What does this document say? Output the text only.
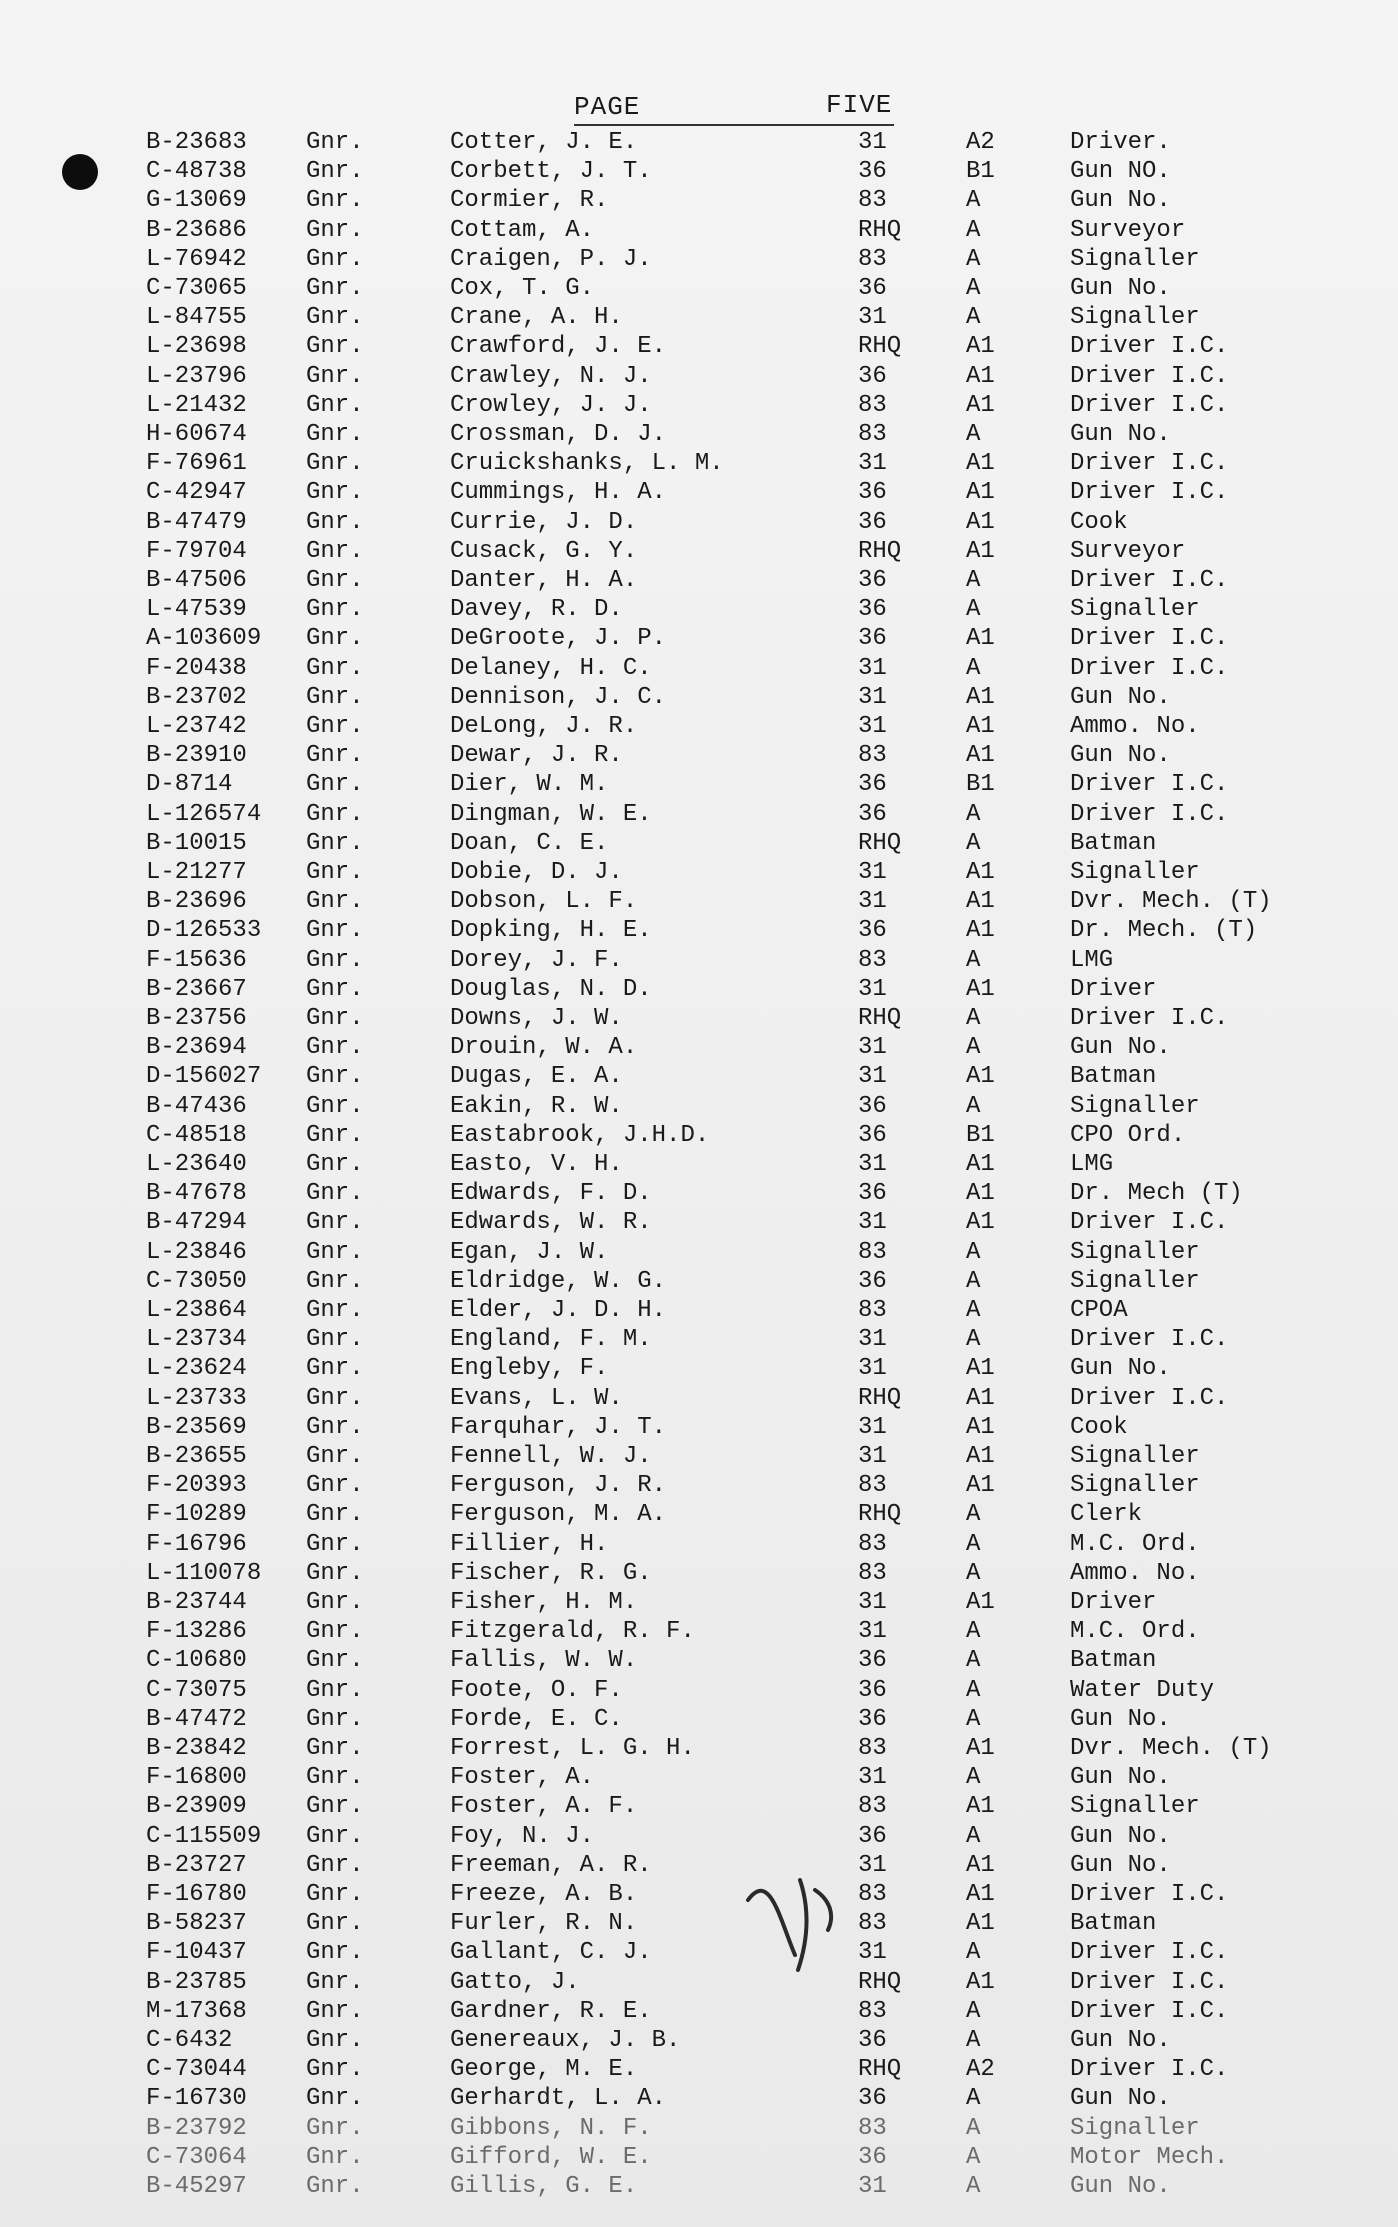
PAGE	FIVE
B-23683 Gnr.	Cotter, J. E.	31	A2	Driver.
C-48738 Gnr.	Corbett, J. T.	36	B1	Gun NO.
G-13069 Gnr.	Cormier, R.	83	A	Gun No.
B-23686 Gnr.	Cottam, A.	RHQ	A	Surveyor
L-76942 Gnr.	Craigen, P. J.	83	A	Signaller
C-73065 Gnr.	Cox, T. G.	36	A	Gun No.
L-84755 Gnr.	Crane, A. H.	31	A	Signaller
L-23698 Gnr.	Crawford, J. E.	RHQ	A1	Driver I.C.
L-23796 Gnr.	Crawley, N. J.	36	A1	Driver I.C.
L-21432 Gnr.	Crowley, J. J.	83	A1	Driver I.C.
H-60674 Gnr.	Crossman, D. J.	83	A	Gun No.
F-76961 Gnr.	Cruickshanks, L. M.	31	A1	Driver I.C.
C-42947 Gnr.	Cummings, H. A.	36	A1	Driver I.C.
B-47479 Gnr.	Currie, J. D.	36	A1	Cook
F-79704 Gnr.	Cusack, G. Y.	RHQ	A1	Surveyor
B-47506 Gnr.	Danter, H. A.	36	A	Driver I.C.
L-47539 Gnr.	Davey, R. D.	36	A	Signaller
A-103609 Gnr.	DeGroote, J. P.	36	A1	Driver I.C.
F-20438 Gnr.	Delaney, H. C.	31	A	Driver I.C.
B-23702 Gnr.	Dennison, J. C.	31	A1	Gun No.
L-23742 Gnr.	DeLong, J. R.	31	A1	Ammo. No.
B-23910 Gnr.	Dewar, J. R.	83	A1	Gun No.
D-8714	Gnr.	Dier, W. M.	36	B1	Driver I.C.
L-126574 Gnr.	Dingman, W. E.	36	A	Driver I.C.
B-10015 Gnr.	Doan, C. E.	RHQ	A	Batman
L-21277 Gnr.	Dobie, D. J.	31	A1	Signaller
B-23696 Gnr.	Dobson, L. F.	31	A1	Dvr. Mech. (T)
D-126533 Gnr.	Dopking, H. E.	36	A1	Dr. Mech. (T)
F-15636 Gnr.	Dorey, J. F.	83	A	LMG
B-23667 Gnr.	Douglas, N. D.	31	A1	Driver
B-23756 Gnr.	Downs, J. W.	RHQ	A	Driver I.C.
B-23694 Gnr.	Drouin, W. A.	31	A	Gun No.
D-156027 Gnr.	Dugas, E. A.	31	A1	Batman
B-47436 Gnr.	Eakin, R. W.	36	A	Signaller
C-48518 Gnr.	Eastabrook, J.H.D.	36	B1	CPO Ord.
L-23640 Gnr.	Easto, V. H.	31	A1	LMG
B-47678 Gnr.	Edwards, F. D.	36	A1	Dr. Mech (T)
B-47294 Gnr.	Edwards, W. R.	31	A1	Driver I.C.
L-23846 Gnr.	Egan, J. W.	83	A	Signaller
C-73050 Gnr.	Eldridge, W. G.	36	A	Signaller
L-23864 Gnr.	Elder, J. D. H.	83	A	CPOA
L-23734 Gnr.	England, F. M.	31	A	Driver I.C.
L-23624 Gnr.	Engleby, F.	31	A1	Gun No.
L-23733 Gnr.	Evans, L. W.	RHQ	A1	Driver I.C.
B-23569 Gnr.	Farquhar, J. T.	31	A1	Cook
B-23655 Gnr.	Fennell, W. J.	31	A1	Signaller
F-20393 Gnr.	Ferguson, J. R.	83	A1	Signaller
F-10289 Gnr.	Ferguson, M. A.	RHQ	A	Clerk
F-16796 Gnr.	Fillier, H.	83	A	M.C. Ord.
L-110078 Gnr.	Fischer, R. G.	83	A	Ammo. No.
B-23744 Gnr.	Fisher, H. M.	31	A1	Driver
F-13286 Gnr.	Fitzgerald, R. F.	31	A	M.C. Ord.
C-10680 Gnr.	Fallis, W. W.	36	A	Batman
C-73075 Gnr.	Foote, O. F.	36	A	Water Duty
B-47472 Gnr.	Forde, E. C.	36	A	Gun No.
B-23842 Gnr.	Forrest, L. G. H.	83	A1	Dvr. Mech. (T)
F-16800 Gnr.	Foster, A.	31	A	Gun No.
B-23909 Gnr.	Foster, A. F.	83	A1	Signaller
C-115509 Gnr.	Foy, N. J.	36	A	Gun No.
B-23727 Gnr.	Freeman, A. R.	31	A1	Gun No.
F-16780 Gnr.	Freeze, A. B.	83	A1	Driver I.C.
B-58237 Gnr.	Furler, R. N.	83	A1	Batman
F-10437 Gnr.	Gallant, C. J.	31	A	Driver I.C.
B-23785 Gnr.	Gatto, J.	RHQ	A1	Driver I.C.
M-17368 Gnr.	Gardner, R. E.	83	A	Driver I.C.
C-6432	Gnr.	Genereaux, J. B.	36	A	Gun No.
C-73044 Gnr.	George, M. E.	RHQ	A2	Driver I.C.
F-16730 Gnr.	Gerhardt, L. A.	36	A	Gun No.
B-23792 Gnr.	Gibbons, N. F.	83	A	Signaller
C-73064 Gnr.	Gifford, W. E.	36	A	Motor Mech.
B-45297 Gnr.	Gillis, G. E.	31	A	Gun No.
